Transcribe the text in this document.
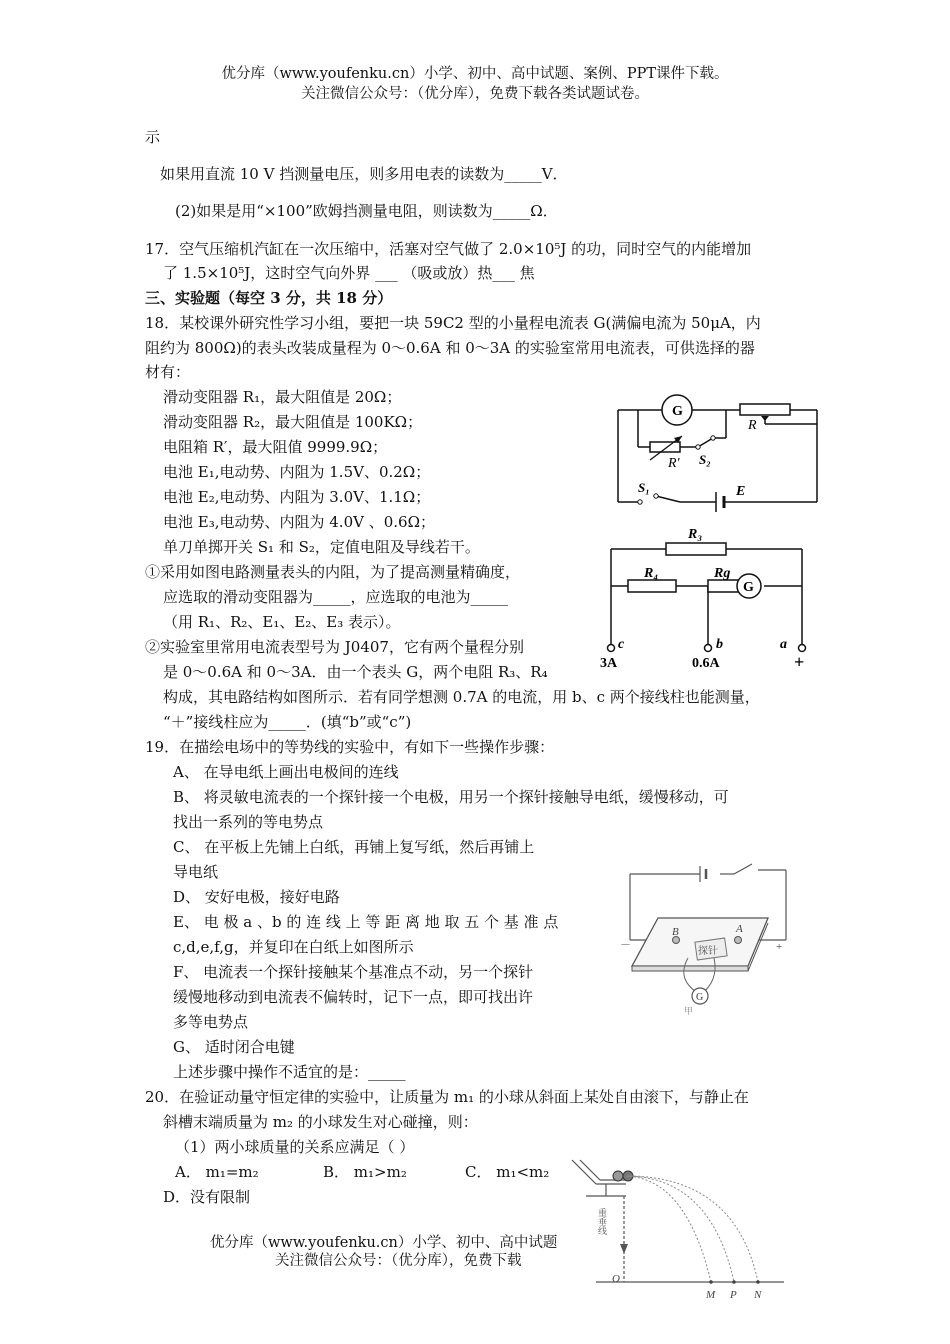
优分库（www.youfenku.cn）小学、初中、高中试题、案例、PPT课件下载。
关注微信公众号：（优分库），免费下载各类试题试卷。
示
如果用直流 10 V 挡测量电压，则多用电表的读数为_____V．
(2)如果是用“×100”欧姆挡测量电阻，则读数为_____Ω．
17．空气压缩机汽缸在一次压缩中，活塞对空气做了 2.0×10⁵J 的功，同时空气的内能增加
了 1.5×10⁵J，这时空气向外界 ___ （吸或放）热___ 焦
三、实验题（每空 3 分，共 18 分）
18．某校课外研究性学习小组，要把一块 59C2 型的小量程电流表 G(满偏电流为 50μA，内
阻约为 800Ω)的表头改装成量程为 0～0.6A 和 0～3A 的实验室常用电流表，可供选择的器
材有：
滑动变阻器 R₁，最大阻值是 20Ω；
滑动变阻器 R₂，最大阻值是 100KΩ；
电阻箱 R′，最大阻值 9999.9Ω；
电池 E₁,电动势、内阻为 1.5V、0.2Ω；
电池 E₂,电动势、内阻为 3.0V、1.1Ω；
电池 E₃,电动势、内阻为 4.0V 、0.6Ω；
单刀单掷开关 S₁ 和 S₂，定值电阻及导线若干。
①采用如图电路测量表头的内阻，为了提高测量精确度，
应选取的滑动变阻器为_____，应选取的电池为_____
（用 R₁、R₂、E₁、E₂、E₃ 表示）。
②实验室里常用电流表型号为 J0407，它有两个量程分别
是 0～0.6A 和 0～3A．由一个表头 G，两个电阻 R₃、R₄
构成，其电路结构如图所示．若有同学想测 0.7A 的电流，用 b、c 两个接线柱也能测量，
“＋”接线柱应为_____．(填“b”或“c”)
19．在描绘电场中的等势线的实验中，有如下一些操作步骤：
A、 在导电纸上画出电极间的连线
B、 将灵敏电流表的一个探针接一个电极，用另一个探针接触导电纸，缓慢移动，可
找出一系列的等电势点
C、 在平板上先铺上白纸，再铺上复写纸，然后再铺上
导电纸
D、 安好电极，接好电路
E、 电 极 a 、b 的 连 线 上 等 距 离 地 取 五 个 基 准 点
c,d,e,f,g，并复印在白纸上如图所示
F、 电流表一个探针接触某个基准点不动，另一个探针
缓慢地移动到电流表不偏转时，记下一点，即可找出许
多等电势点
G、 适时闭合电键
上述步骤中操作不适宜的是：_____
20．在验证动量守恒定律的实验中，让质量为 m₁ 的小球从斜面上某处自由滚下，与静止在
斜槽末端质量为 m₂ 的小球发生对心碰撞，则：
（1）两小球质量的关系应满足（ ）
A． m₁=m₂	B． m₁>m₂	C． m₁<m₂
D．没有限制
优分库（www.youfenku.cn）小学、初中、高中试题
关注微信公众号：（优分库），免费下载
G
R
R′ S₂
S₁	E
R₃
R₄	Rg
G
c	b	a
3A	0.6A	+
B	A
探针
G
－	+
甲
重垂线
O
M P N
